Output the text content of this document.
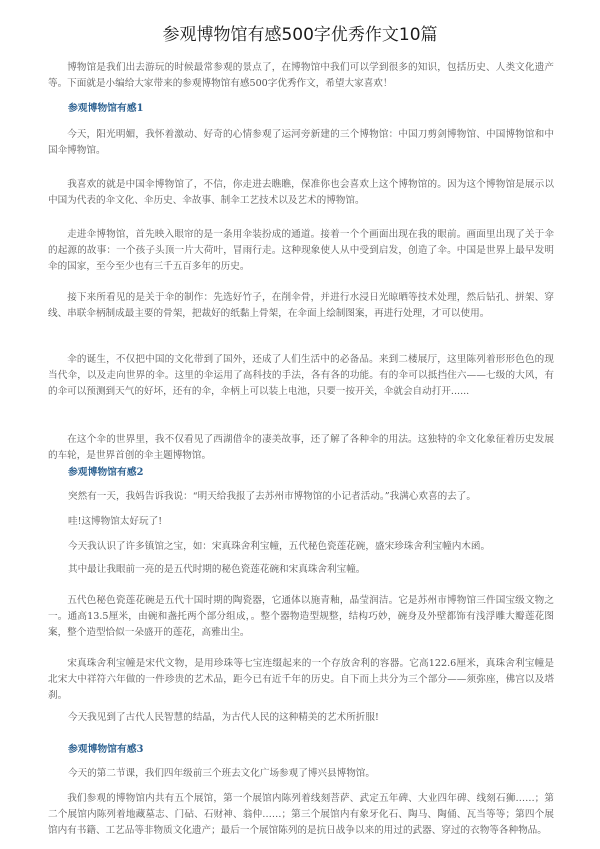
参观博物馆有感500字优秀作文10篇

博物馆是我们出去游玩的时候最常参观的景点了，在博物馆中我们可以学到很多的知识，包括历史、人类文化遗产等。下面就是小编给大家带来的参观博物馆有感500字优秀作文，希望大家喜欢！

参观博物馆有感1

今天，阳光明媚，我怀着激动、好奇的心情参观了运河旁新建的三个博物馆：中国刀剪剑博物馆、中国博物馆和中国伞博物馆。

我喜欢的就是中国伞博物馆了，不信，你走进去瞧瞧，保准你也会喜欢上这个博物馆的。因为这个博物馆是展示以中国为代表的伞文化、伞历史、伞故事、制伞工艺技术以及艺术的博物馆。

走进伞博物馆，首先映入眼帘的是一条用伞装扮成的通道。接着一个个画面出现在我的眼前。画面里出现了关于伞的起源的故事：一个孩子头顶一片大荷叶，冒雨行走。这种现象使人从中受到启发，创造了伞。中国是世界上最早发明伞的国家，至今至少也有三千五百多年的历史。

接下来所看见的是关于伞的制作：先选好竹子，在削伞骨，并进行水浸日光晾晒等技术处理，然后钻孔、拼架、穿线、串联伞柄制成最主要的骨架，把裁好的纸黏上骨架，在伞面上绘制图案，再进行处理，才可以使用。

伞的诞生，不仅把中国的文化带到了国外，还成了人们生活中的必备品。来到二楼展厅，这里陈列着形形色色的现当代伞，以及走向世界的伞。这里的伞运用了高科技的手法，各有各的功能。有的伞可以抵挡住六——七级的大风，有的伞可以预测到天气的好坏，还有的伞，伞柄上可以装上电池，只要一按开关，伞就会自动打开......

在这个伞的世界里，我不仅看见了西湖借伞的凄美故事，还了解了各种伞的用法。这独特的伞文化象征着历史发展的车轮，是世界首创的伞主题博物馆。

参观博物馆有感2

突然有一天，我妈告诉我说：“明天给我报了去苏州市博物馆的小记者活动。”我满心欢喜的去了。

哇!这博物馆太好玩了!

今天我认识了许多镇馆之宝，如：宋真珠舍利宝幢，五代秘色瓷莲花碗，盛宋珍珠舍利宝幢内木函。

其中最让我眼前一亮的是五代时期的秘色瓷莲花碗和宋真珠舍利宝幢。

五代色秘色瓷莲花碗是五代十国时期的陶瓷器，它通体以施青釉，晶莹润洁。它是苏州市博物馆三件国宝级文物之一。通高13.5厘米，由碗和盏托两个部分组成，。整个器物造型规整，结构巧妙，碗身及外壁都饰有浅浮雕大瓣莲花图案，整个造型恰似一朵盛开的莲花，高雅出尘。

宋真珠舍利宝幢是宋代文物，是用珍珠等七宝连缀起来的一个存放舍利的容器。它高122.6厘米，真珠舍利宝幢是北宋大中祥符六年做的一件珍贵的艺术品，距今已有近千年的历史。自下而上共分为三个部分——须弥座，佛宫以及塔刹。

今天我见到了古代人民智慧的结晶，为古代人民的这种精美的艺术所折服!

参观博物馆有感3

今天的第二节课，我们四年级前三个班去文化广场参观了博兴县博物馆。

我们参观的博物馆内共有五个展馆，第一个展馆内陈列着线刻菩萨、武定五年碑、大业四年碑、线刻石狮……；第二个展馆内陈列着地藏墓志、门砧、石财神、翁仲……；第三个展馆内有象牙化石、陶马、陶俑、瓦当等等；第四个展馆内有书籍、工艺品等非物质文化遗产；最后一个展馆陈列的是抗日战争以来的用过的武器、穿过的衣物等各种物品。
